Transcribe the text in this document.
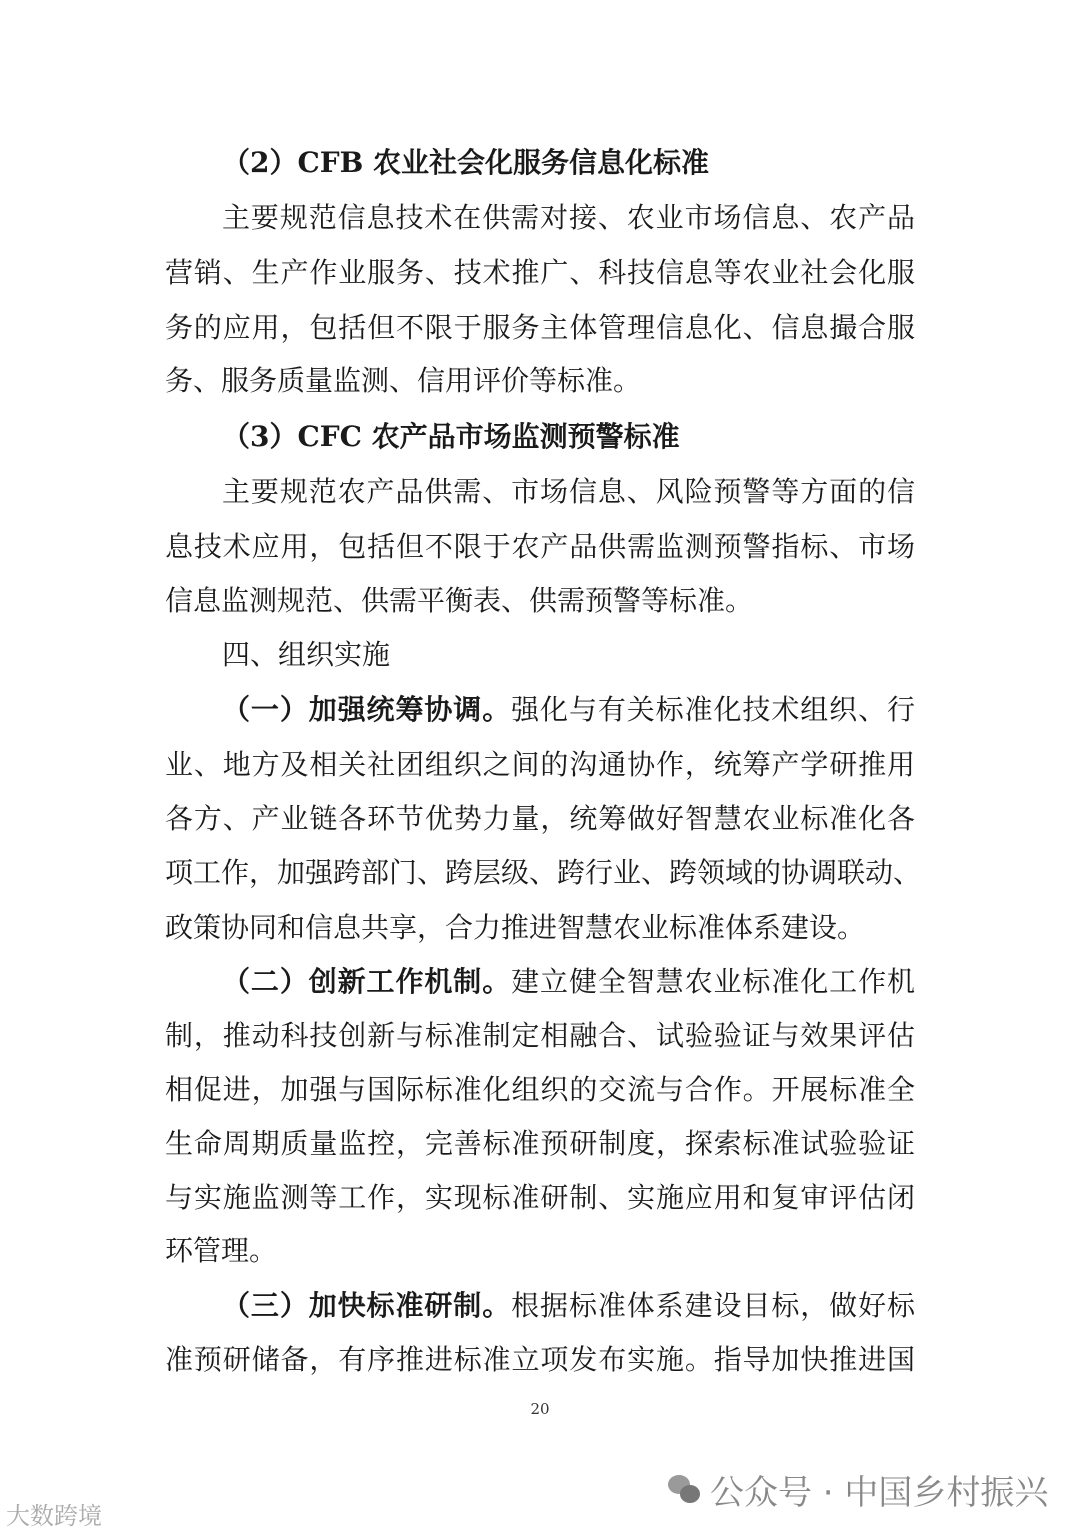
（2）CFB 农业社会化服务信息化标准
主要规范信息技术在供需对接、农业市场信息、农产品
营销、生产作业服务、技术推广、科技信息等农业社会化服
务的应用，包括但不限于服务主体管理信息化、信息撮合服
务、服务质量监测、信用评价等标准。
（3）CFC 农产品市场监测预警标准
主要规范农产品供需、市场信息、风险预警等方面的信
息技术应用，包括但不限于农产品供需监测预警指标、市场
信息监测规范、供需平衡表、供需预警等标准。
四、组织实施
（一）加强统筹协调。强化与有关标准化技术组织、行
业、地方及相关社团组织之间的沟通协作，统筹产学研推用
各方、产业链各环节优势力量，统筹做好智慧农业标准化各
项工作，加强跨部门、跨层级、跨行业、跨领域的协调联动、
政策协同和信息共享，合力推进智慧农业标准体系建设。
（二）创新工作机制。建立健全智慧农业标准化工作机
制，推动科技创新与标准制定相融合、试验验证与效果评估
相促进，加强与国际标准化组织的交流与合作。开展标准全
生命周期质量监控，完善标准预研制度，探索标准试验验证
与实施监测等工作，实现标准研制、实施应用和复审评估闭
环管理。
（三）加快标准研制。根据标准体系建设目标，做好标
准预研储备，有序推进标准立项发布实施。指导加快推进国
20
公众号 · 中国乡村振兴
大数跨境
